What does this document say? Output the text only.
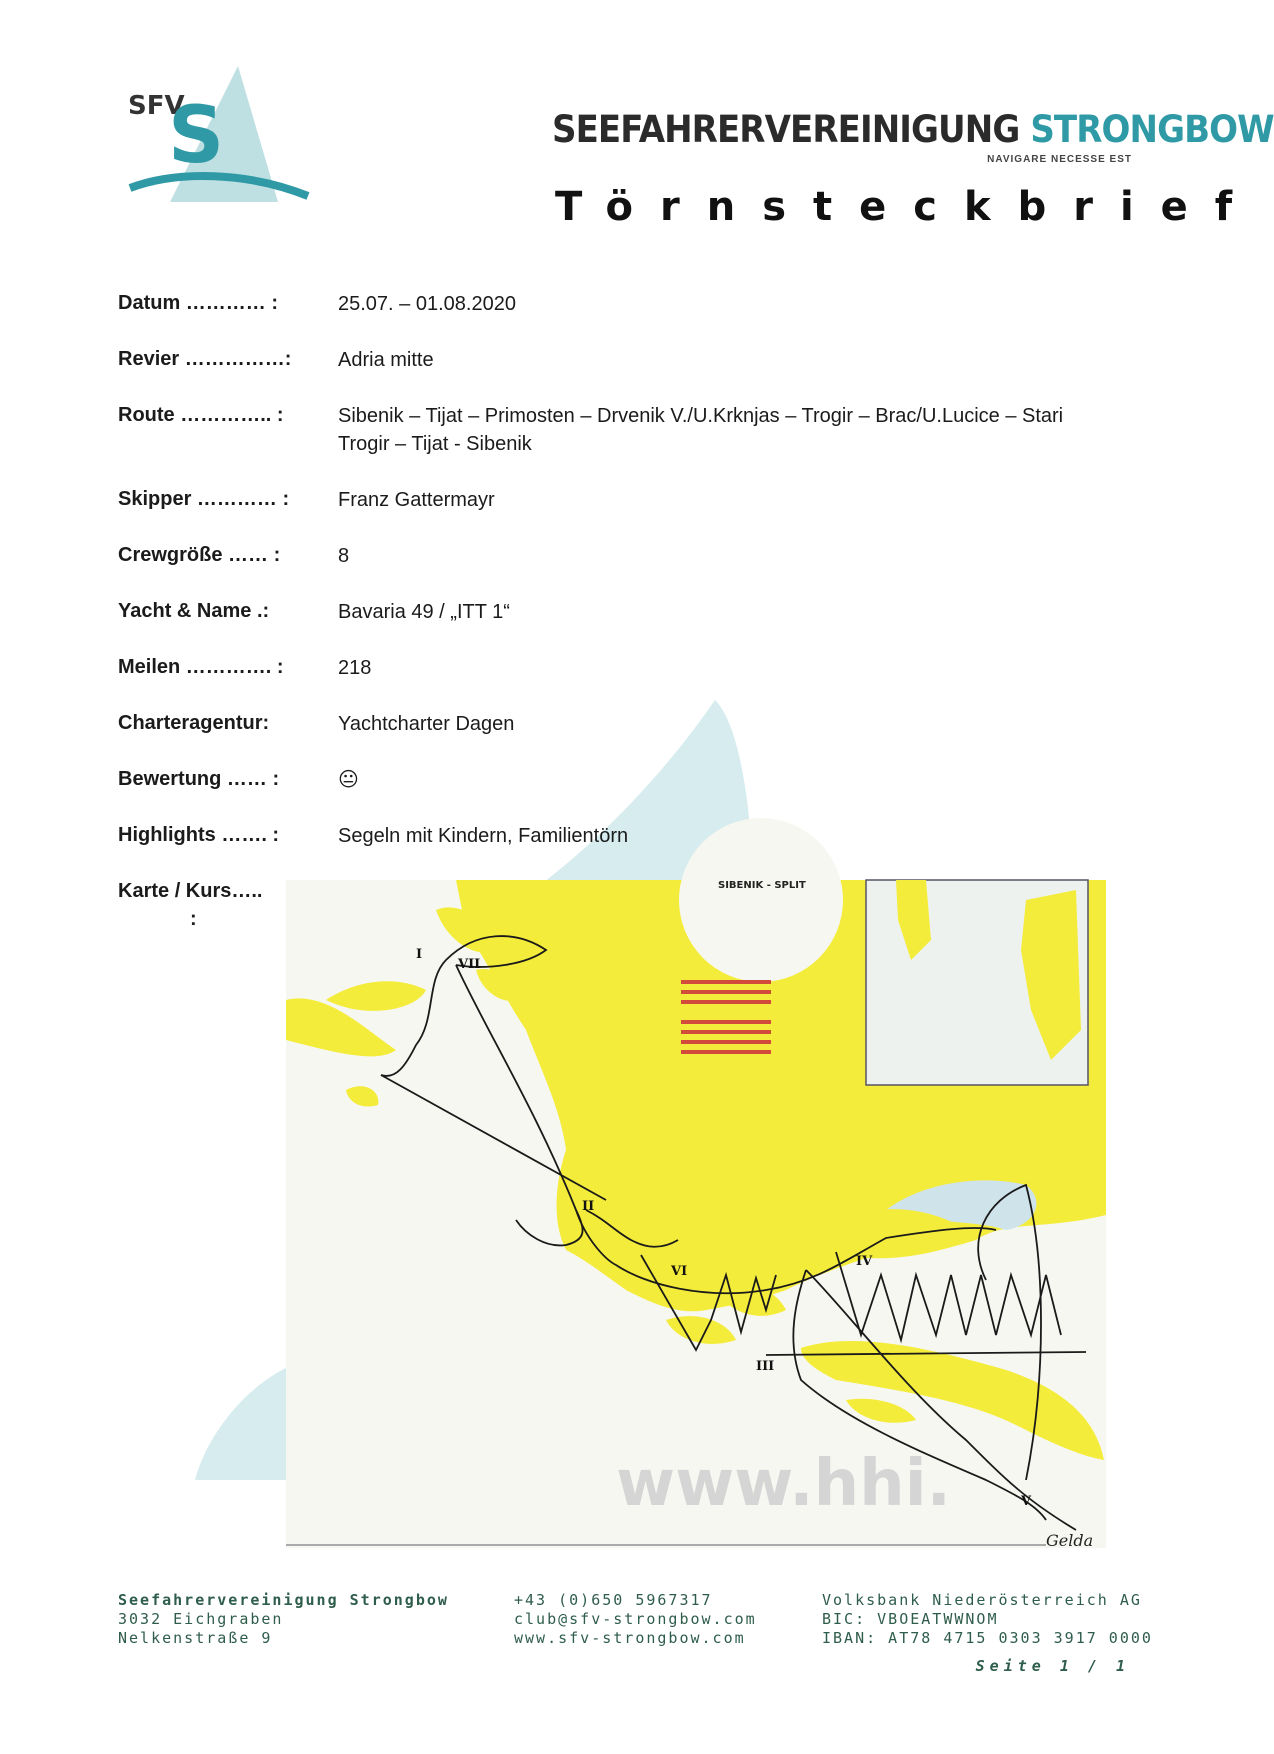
SFV
S	SEEFAHRERVEREINIGUNG STRONGBOW
NAVIGARE NECESSE EST
Törnsteckbrief
Datum ………… :	25.07. – 01.08.2020
Revier ……………: Adria mitte
Route ………….. :	Sibenik – Tijat – Primosten – Drvenik V./U.Krknjas – Trogir – Brac/U.Lucice – Stari Trogir – Tijat - Sibenik
Skipper ………… : Franz Gattermayr
Crewgröße …… :	8
Yacht & Name .:	Bavaria 49 / „ITT 1“
Meilen …………. :	218
Charteragentur:	Yachtcharter Dagen
Bewertung …… :	😐
Highlights ……. :	Segeln mit Kindern, Familientörn
Karte / Kurs…..
:
SIBENIK - SPLIT
I
II
III
IV
V
VI
VII
www.hhi.
Gelda
Seefahrervereinigung Strongbow
3032 Eichgraben
Nelkenstraße 9
+43 (0)650 5967317
club@sfv-strongbow.com
www.sfv-strongbow.com
Volksbank Niederösterreich AG
BIC: VBOEATWWNOM
IBAN: AT78 4715 0303 3917 0000
Seite 1 / 1
